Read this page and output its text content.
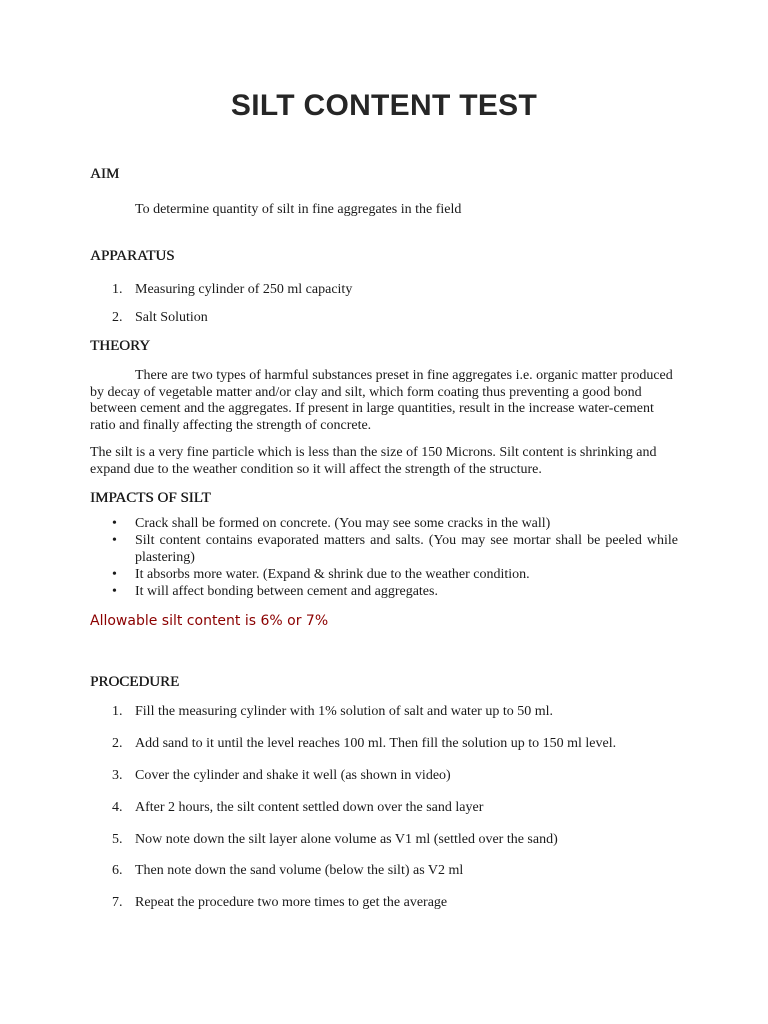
SILT CONTENT TEST
AIM
To determine quantity of silt in fine aggregates in the field
APPARATUS
1. Measuring cylinder of 250 ml capacity
2. Salt Solution
THEORY
There are two types of harmful substances preset in fine aggregates i.e. organic matter produced by decay of vegetable matter and/or clay and silt, which form coating thus preventing a good bond between cement and the aggregates. If present in large quantities, result in the increase water-cement ratio and finally affecting the strength of concrete.
The silt is a very fine particle which is less than the size of 150 Microns. Silt content is shrinking and expand due to the weather condition so it will affect the strength of the structure.
IMPACTS OF SILT
• Crack shall be formed on concrete. (You may see some cracks in the wall)
• Silt content contains evaporated matters and salts. (You may see mortar shall be peeled while plastering)
• It absorbs more water. (Expand & shrink due to the weather condition.
• It will affect bonding between cement and aggregates.
Allowable silt content is 6% or 7%
PROCEDURE
1. Fill the measuring cylinder with 1% solution of salt and water up to 50 ml.
2. Add sand to it until the level reaches 100 ml. Then fill the solution up to 150 ml level.
3. Cover the cylinder and shake it well (as shown in video)
4. After 2 hours, the silt content settled down over the sand layer
5. Now note down the silt layer alone volume as V1 ml (settled over the sand)
6. Then note down the sand volume (below the silt) as V2 ml
7. Repeat the procedure two more times to get the average
